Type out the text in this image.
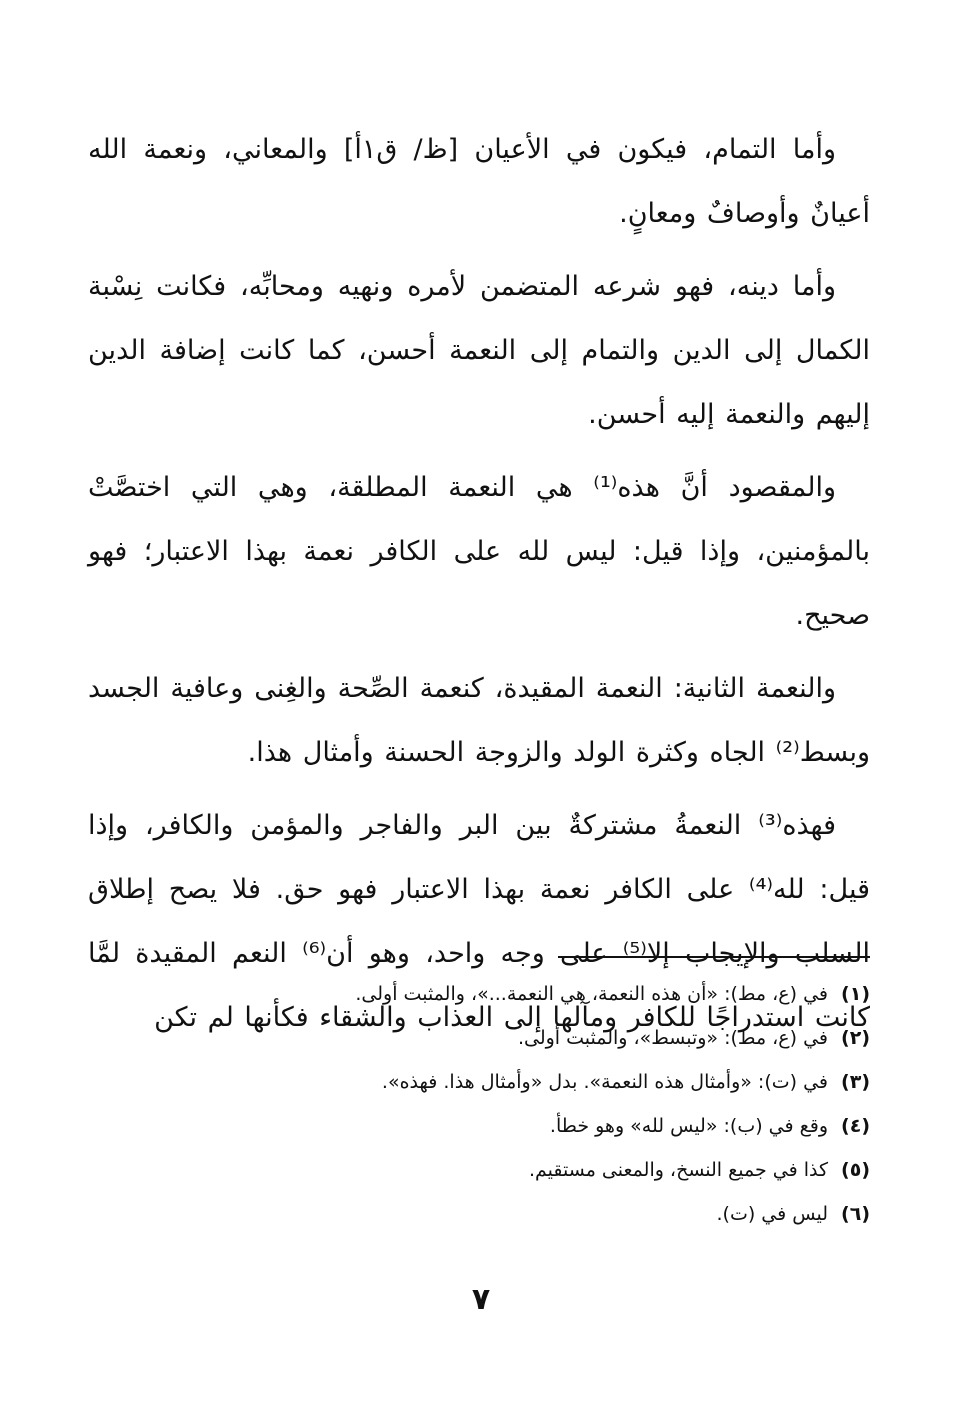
وأما التمام، فيكون في الأعيان [ظ/ ق١أ] والمعاني، ونعمة الله أعيانٌ وأوصافٌ ومعانٍ.

وأما دينه، فهو شرعه المتضمن لأمره ونهيه ومحابِّه، فكانت نِسْبة الكمال إلى الدين والتمام إلى النعمة أحسن، كما كانت إضافة الدين إليهم والنعمة إليه أحسن.

والمقصود أنَّ هذه⁽¹⁾ هي النعمة المطلقة، وهي التي اختصَّتْ بالمؤمنين، وإذا قيل: ليس لله على الكافر نعمة بهذا الاعتبار؛ فهو صحيح.

والنعمة الثانية: النعمة المقيدة، كنعمة الصِّحة والغِنى وعافية الجسد وبسط⁽²⁾ الجاه وكثرة الولد والزوجة الحسنة وأمثال هذا.

فهذه⁽³⁾ النعمةُ مشتركةٌ بين البر والفاجر والمؤمن والكافر، وإذا قيل: لله⁽⁴⁾ على الكافر نعمة بهذا الاعتبار فهو حق. فلا يصح إطلاق السلب والإيجاب إلا⁽⁵⁾ على وجه واحد، وهو أن⁽⁶⁾ النعم المقيدة لمَّا كانت استدراجًا للكافر ومآلها إلى العذاب والشقاء فكأنها لم تكن

(١)
في (ع، مط): «أن هذه النعمة، هي النعمة...»، والمثبت أولى.
(٢)
في (ع، مط): «وتبسط»، والمثبت أولى.
(٣)
في (ت): «وأمثال هذه النعمة». بدل «وأمثال هذا. فهذه».
(٤)
وقع في (ب): «ليس لله» وهو خطأ.
(٥)
كذا في جميع النسخ، والمعنى مستقيم.
(٦)
ليس في (ت).
٧
